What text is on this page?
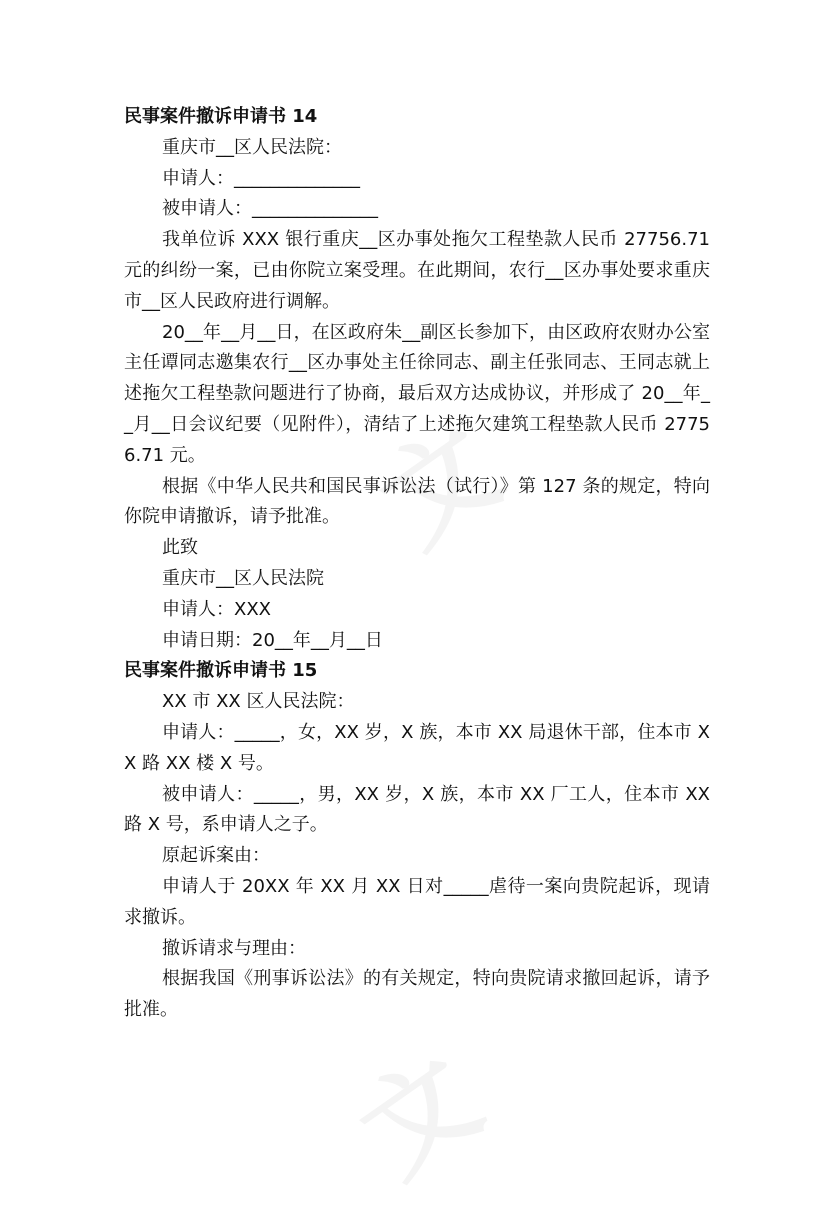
文
文

民事案件撤诉申请书 14

重庆市__区人民法院：

申请人：______________

被申请人：______________

我单位诉 XXX 银行重庆__区办事处拖欠工程垫款人民币 27756.71 元的纠纷一案，已由你院立案受理。在此期间，农行__区办事处要求重庆市__区人民政府进行调解。

20__年__月__日，在区政府朱__副区长参加下，由区政府农财办公室主任谭同志邀集农行__区办事处主任徐同志、副主任张同志、王同志就上述拖欠工程垫款问题进行了协商，最后双方达成协议，并形成了 20__年__月__日会议纪要（见附件），清结了上述拖欠建筑工程垫款人民币 27756.71 元。

根据《中华人民共和国民事诉讼法（试行）》第 127 条的规定，特向你院申请撤诉，请予批准。

此致

重庆市__区人民法院

申请人：XXX

申请日期：20__年__月__日

民事案件撤诉申请书 15

XX 市 XX 区人民法院：

申请人：_____，女，XX 岁，X 族，本市 XX 局退休干部，住本市 XX 路 XX 楼 X 号。

被申请人：_____，男，XX 岁，X 族，本市 XX 厂工人，住本市 XX 路 X 号，系申请人之子。

原起诉案由：

申请人于 20XX 年 XX 月 XX 日对_____虐待一案向贵院起诉，现请求撤诉。

撤诉请求与理由：

根据我国《刑事诉讼法》的有关规定，特向贵院请求撤回起诉，请予批准。
